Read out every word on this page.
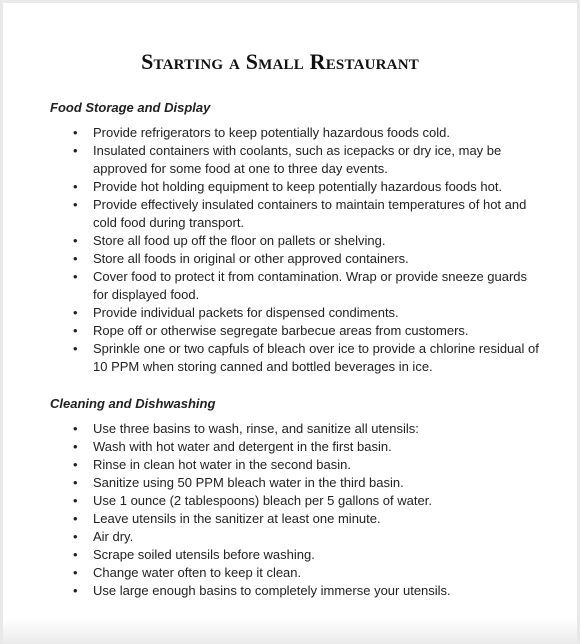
Starting a Small Restaurant
Food Storage and Display
• Provide refrigerators to keep potentially hazardous foods cold.
• Insulated containers with coolants, such as icepacks or dry ice, may be approved for some food at one to three day events.
• Provide hot holding equipment to keep potentially hazardous foods hot.
• Provide effectively insulated containers to maintain temperatures of hot and cold food during transport.
• Store all food up off the floor on pallets or shelving.
• Store all foods in original or other approved containers.
• Cover food to protect it from contamination. Wrap or provide sneeze guards for displayed food.
• Provide individual packets for dispensed condiments.
• Rope off or otherwise segregate barbecue areas from customers.
• Sprinkle one or two capfuls of bleach over ice to provide a chlorine residual of 10 PPM when storing canned and bottled beverages in ice.
Cleaning and Dishwashing
• Use three basins to wash, rinse, and sanitize all utensils:
• Wash with hot water and detergent in the first basin.
• Rinse in clean hot water in the second basin.
• Sanitize using 50 PPM bleach water in the third basin.
• Use 1 ounce (2 tablespoons) bleach per 5 gallons of water.
• Leave utensils in the sanitizer at least one minute.
• Air dry.
• Scrape soiled utensils before washing.
• Change water often to keep it clean.
• Use large enough basins to completely immerse your utensils.
